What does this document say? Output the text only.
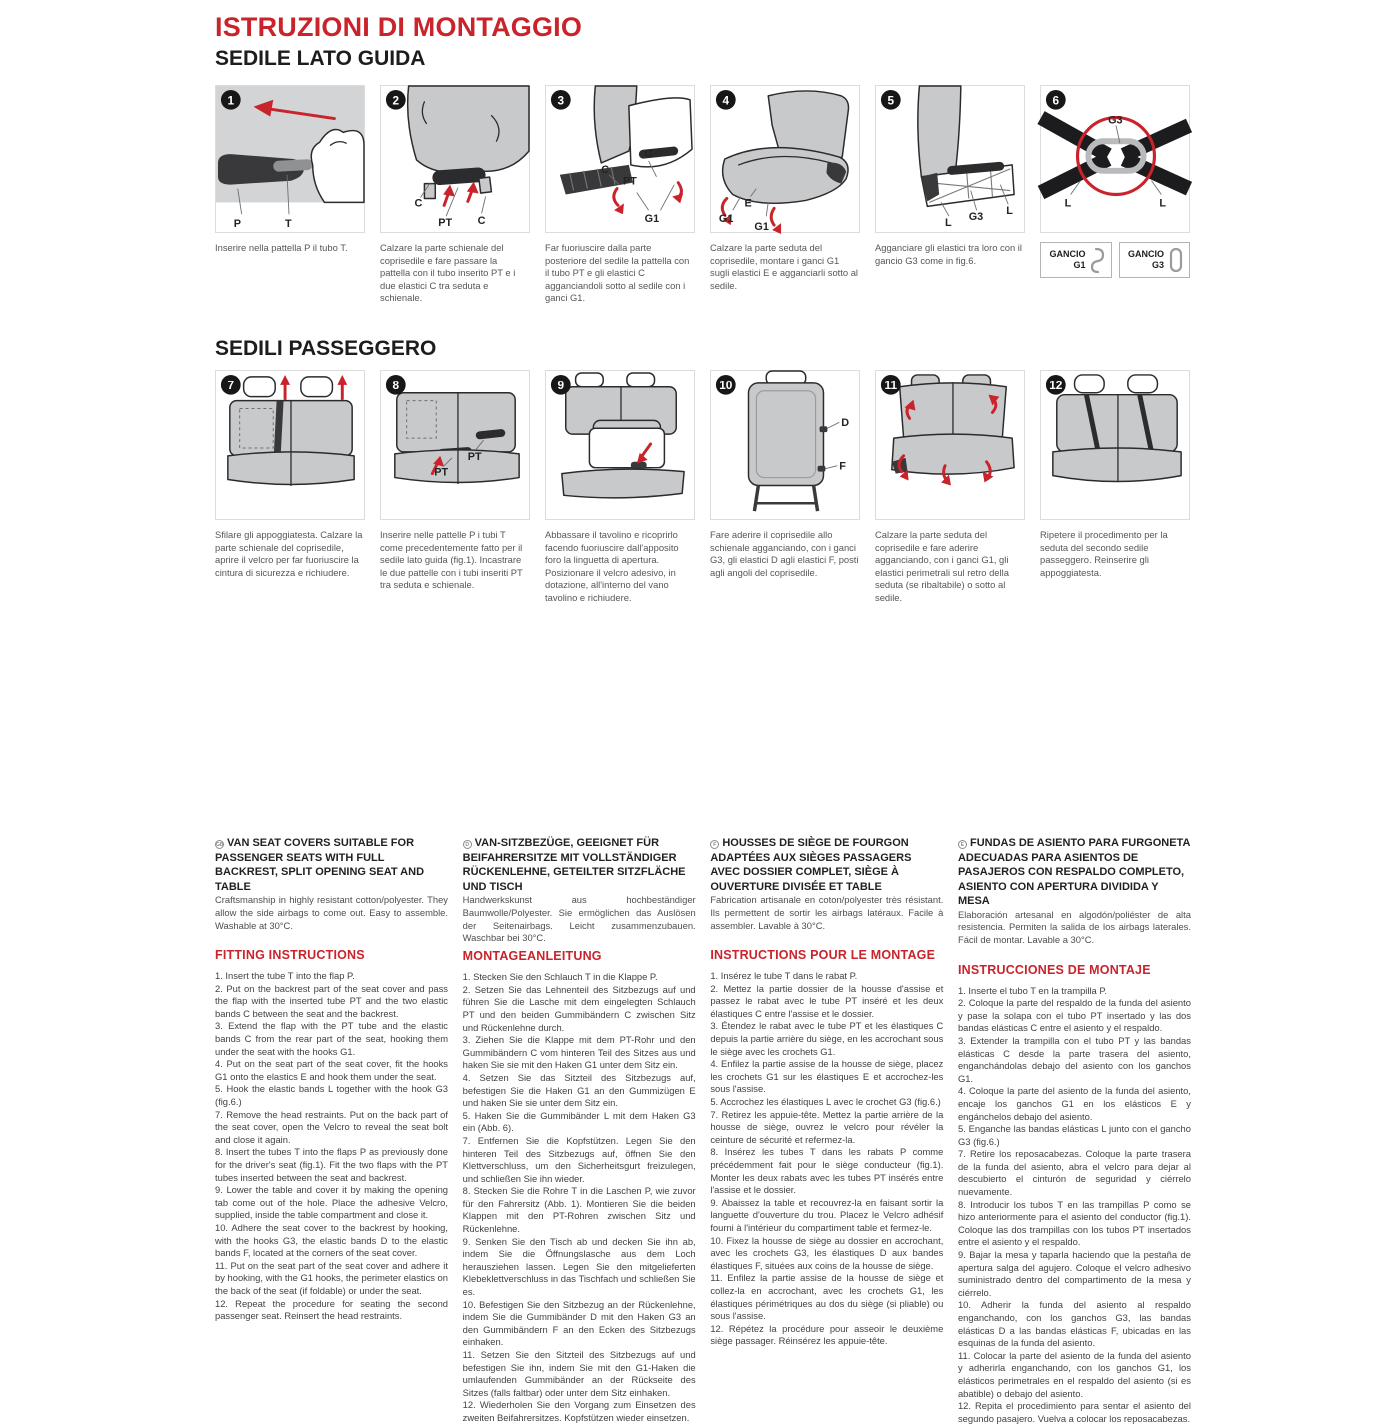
ISTRUZIONI DI MONTAGGIO
SEDILE LATO GUIDA
P	T
1

Inserire nella pattella P il tubo T.

C
PT C
2

Calzare la parte schienale del coprisedile e fare passare la pattella con il tubo inserito PT e i due elastici C tra seduta e schienale.

C
PT
C
G1
3

Far fuoriuscire dalla parte posteriore del sedile la pattella con il tubo PT e gli elastici C agganciandoli sotto al sedile con i ganci G1.

E
G1
G1
4

Calzare la parte seduta del coprisedile, montare i ganci G1 sugli elastici E e agganciarli sotto al sedile.

L G3 L
5

Agganciare gli elastici tra loro con il gancio G3 come in fig.6.

G3
L	L
6
GANCIO
G1
GANCIO
G3
SEDILI PASSEGGERO
7

Sfilare gli appoggiatesta. Calzare la parte schienale del coprisedile, aprire il velcro per far fuoriuscire la cintura di sicurezza e richiudere.

PT
PT
8

Inserire nelle pattelle P i tubi T come precedentemente fatto per il sedile lato guida (fig.1). Incastrare le due pattelle con i tubi inseriti PT tra seduta e schienale.

9

Abbassare il tavolino e ricoprirlo facendo fuoriuscire dall'apposito foro la linguetta di apertura. Posizionare il velcro adesivo, in dotazione, all'interno del vano tavolino e richiudere.

D
F
10

Fare aderire il coprisedile allo schienale agganciando, con i ganci G3, gli elastici D agli elastici F, posti agli angoli del coprisedile.

11

Calzare la parte seduta del coprisedile e fare aderire agganciando, con i ganci G1, gli elastici perimetrali sul retro della seduta (se ribaltabile) o sotto al sedile.

12

Ripetere il procedimento per la seduta del secondo sedile passeggero. Reinserire gli appoggiatesta.

GB VAN SEAT COVERS SUITABLE FOR PASSENGER SEATS WITH FULL BACKREST, SPLIT OPENING SEAT AND TABLE

Craftsmanship in highly resistant cotton/polyester. They allow the side airbags to come out. Easy to assemble. Washable at 30°C.

FITTING INSTRUCTIONS

1. Insert the tube T into the flap P.

2. Put on the backrest part of the seat cover and pass the flap with the inserted tube PT and the two elastic bands C between the seat and the backrest.

3. Extend the flap with the PT tube and the elastic bands C from the rear part of the seat, hooking them under the seat with the hooks G1.

4. Put on the seat part of the seat cover, fit the hooks G1 onto the elastics E and hook them under the seat.

5. Hook the elastic bands L together with the hook G3 (fig.6.)

7. Remove the head restraints. Put on the back part of the seat cover, open the Velcro to reveal the seat bolt and close it again.

8. Insert the tubes T into the flaps P as previously done for the driver's seat (fig.1). Fit the two flaps with the PT tubes inserted between the seat and backrest.

9. Lower the table and cover it by making the opening tab come out of the hole. Place the adhesive Velcro, supplied, inside the table compartment and close it.

10. Adhere the seat cover to the backrest by hooking, with the hooks G3, the elastic bands D to the elastic bands F, located at the corners of the seat cover.

11. Put on the seat part of the seat cover and adhere it by hooking, with the G1 hooks, the perimeter elastics on the back of the seat (if foldable) or under the seat.

12. Repeat the procedure for seating the second passenger seat. Reinsert the head restraints.

D VAN-SITZBEZÜGE, GEEIGNET FÜR BEIFAHRERSITZE MIT VOLLSTÄNDIGER RÜCKENLEHNE, GETEILTER SITZFLÄCHE UND TISCH

Handwerkskunst aus hochbeständiger Baumwolle/Polyester. Sie ermöglichen das Auslösen der Seitenairbags. Leicht zusammenzubauen. Waschbar bei 30°C.

MONTAGEANLEITUNG

1. Stecken Sie den Schlauch T in die Klappe P.

2. Setzen Sie das Lehnenteil des Sitzbezugs auf und führen Sie die Lasche mit dem eingelegten Schlauch PT und den beiden Gummibändern C zwischen Sitz und Rückenlehne durch.

3. Ziehen Sie die Klappe mit dem PT-Rohr und den Gummibändern C vom hinteren Teil des Sitzes aus und haken Sie sie mit den Haken G1 unter dem Sitz ein.

4. Setzen Sie das Sitzteil des Sitzbezugs auf, befestigen Sie die Haken G1 an den Gummizügen E und haken Sie sie unter dem Sitz ein.

5. Haken Sie die Gummibänder L mit dem Haken G3 ein (Abb. 6).

7. Entfernen Sie die Kopfstützen. Legen Sie den hinteren Teil des Sitzbezugs auf, öffnen Sie den Klettverschluss, um den Sicherheitsgurt freizulegen, und schließen Sie ihn wieder.

8. Stecken Sie die Rohre T in die Laschen P, wie zuvor für den Fahrersitz (Abb. 1). Montieren Sie die beiden Klappen mit den PT-Rohren zwischen Sitz und Rückenlehne.

9. Senken Sie den Tisch ab und decken Sie ihn ab, indem Sie die Öffnungslasche aus dem Loch herausziehen lassen. Legen Sie den mitgelieferten Klebeklettverschluss in das Tischfach und schließen Sie es.

10. Befestigen Sie den Sitzbezug an der Rückenlehne, indem Sie die Gummibänder D mit den Haken G3 an den Gummibändern F an den Ecken des Sitzbezugs einhaken.

11. Setzen Sie den Sitzteil des Sitzbezugs auf und befestigen Sie ihn, indem Sie mit den G1-Haken die umlaufenden Gummibänder an der Rückseite des Sitzes (falls faltbar) oder unter dem Sitz einhaken.

12. Wiederholen Sie den Vorgang zum Einsetzen des zweiten Beifahrersitzes. Kopfstützen wieder einsetzen.

F HOUSSES DE SIÈGE DE FOURGON ADAPTÉES AUX SIÈGES PASSAGERS AVEC DOSSIER COMPLET, SIÈGE À OUVERTURE DIVISÉE ET TABLE

Fabrication artisanale en coton/polyester très résistant. Ils permettent de sortir les airbags latéraux. Facile à assembler. Lavable à 30°C.

INSTRUCTIONS POUR LE MONTAGE

1. Insérez le tube T dans le rabat P.

2. Mettez la partie dossier de la housse d'assise et passez le rabat avec le tube PT inséré et les deux élastiques C entre l'assise et le dossier.

3. Étendez le rabat avec le tube PT et les élastiques C depuis la partie arrière du siège, en les accrochant sous le siège avec les crochets G1.

4. Enfilez la partie assise de la housse de siège, placez les crochets G1 sur les élastiques E et accrochez-les sous l'assise.

5. Accrochez les élastiques L avec le crochet G3 (fig.6.)

7. Retirez les appuie-tête. Mettez la partie arrière de la housse de siège, ouvrez le velcro pour révéler la ceinture de sécurité et refermez-la.

8. Insérez les tubes T dans les rabats P comme précédemment fait pour le siège conducteur (fig.1). Monter les deux rabats avec les tubes PT insérés entre l'assise et le dossier.

9. Abaissez la table et recouvrez-la en faisant sortir la languette d'ouverture du trou. Placez le Velcro adhésif fourni à l'intérieur du compartiment table et fermez-le.

10. Fixez la housse de siège au dossier en accrochant, avec les crochets G3, les élastiques D aux bandes élastiques F, situées aux coins de la housse de siège.

11. Enfilez la partie assise de la housse de siège et collez-la en accrochant, avec les crochets G1, les élastiques périmétriques au dos du siège (si pliable) ou sous l'assise.

12. Répétez la procédure pour asseoir le deuxième siège passager. Réinsérez les appuie-tête.

E FUNDAS DE ASIENTO PARA FURGONETA ADECUADAS PARA ASIENTOS DE PASAJEROS CON RESPALDO COMPLETO, ASIENTO CON APERTURA DIVIDIDA Y MESA

Elaboración artesanal en algodón/poliéster de alta resistencia. Permiten la salida de los airbags laterales. Fácil de montar. Lavable a 30°C.

INSTRUCCIONES DE MONTAJE

1. Inserte el tubo T en la trampilla P.

2. Coloque la parte del respaldo de la funda del asiento y pase la solapa con el tubo PT insertado y las dos bandas elásticas C entre el asiento y el respaldo.

3. Extender la trampilla con el tubo PT y las bandas elásticas C desde la parte trasera del asiento, enganchándolas debajo del asiento con los ganchos G1.

4. Coloque la parte del asiento de la funda del asiento, encaje los ganchos G1 en los elásticos E y engánchelos debajo del asiento.

5. Enganche las bandas elásticas L junto con el gancho G3 (fig.6.)

7. Retire los reposacabezas. Coloque la parte trasera de la funda del asiento, abra el velcro para dejar al descubierto el cinturón de seguridad y ciérrelo nuevamente.

8. Introducir los tubos T en las trampillas P como se hizo anteriormente para el asiento del conductor (fig.1). Coloque las dos trampillas con los tubos PT insertados entre el asiento y el respaldo.

9. Bajar la mesa y taparla haciendo que la pestaña de apertura salga del agujero. Coloque el velcro adhesivo suministrado dentro del compartimento de la mesa y ciérrelo.

10. Adherir la funda del asiento al respaldo enganchando, con los ganchos G3, las bandas elásticas D a las bandas elásticas F, ubicadas en las esquinas de la funda del asiento.

11. Colocar la parte del asiento de la funda del asiento y adherirla enganchando, con los ganchos G1, los elásticos perimetrales en el respaldo del asiento (si es abatible) o debajo del asiento.

12. Repita el procedimiento para sentar el asiento del segundo pasajero. Vuelva a colocar los reposacabezas.
